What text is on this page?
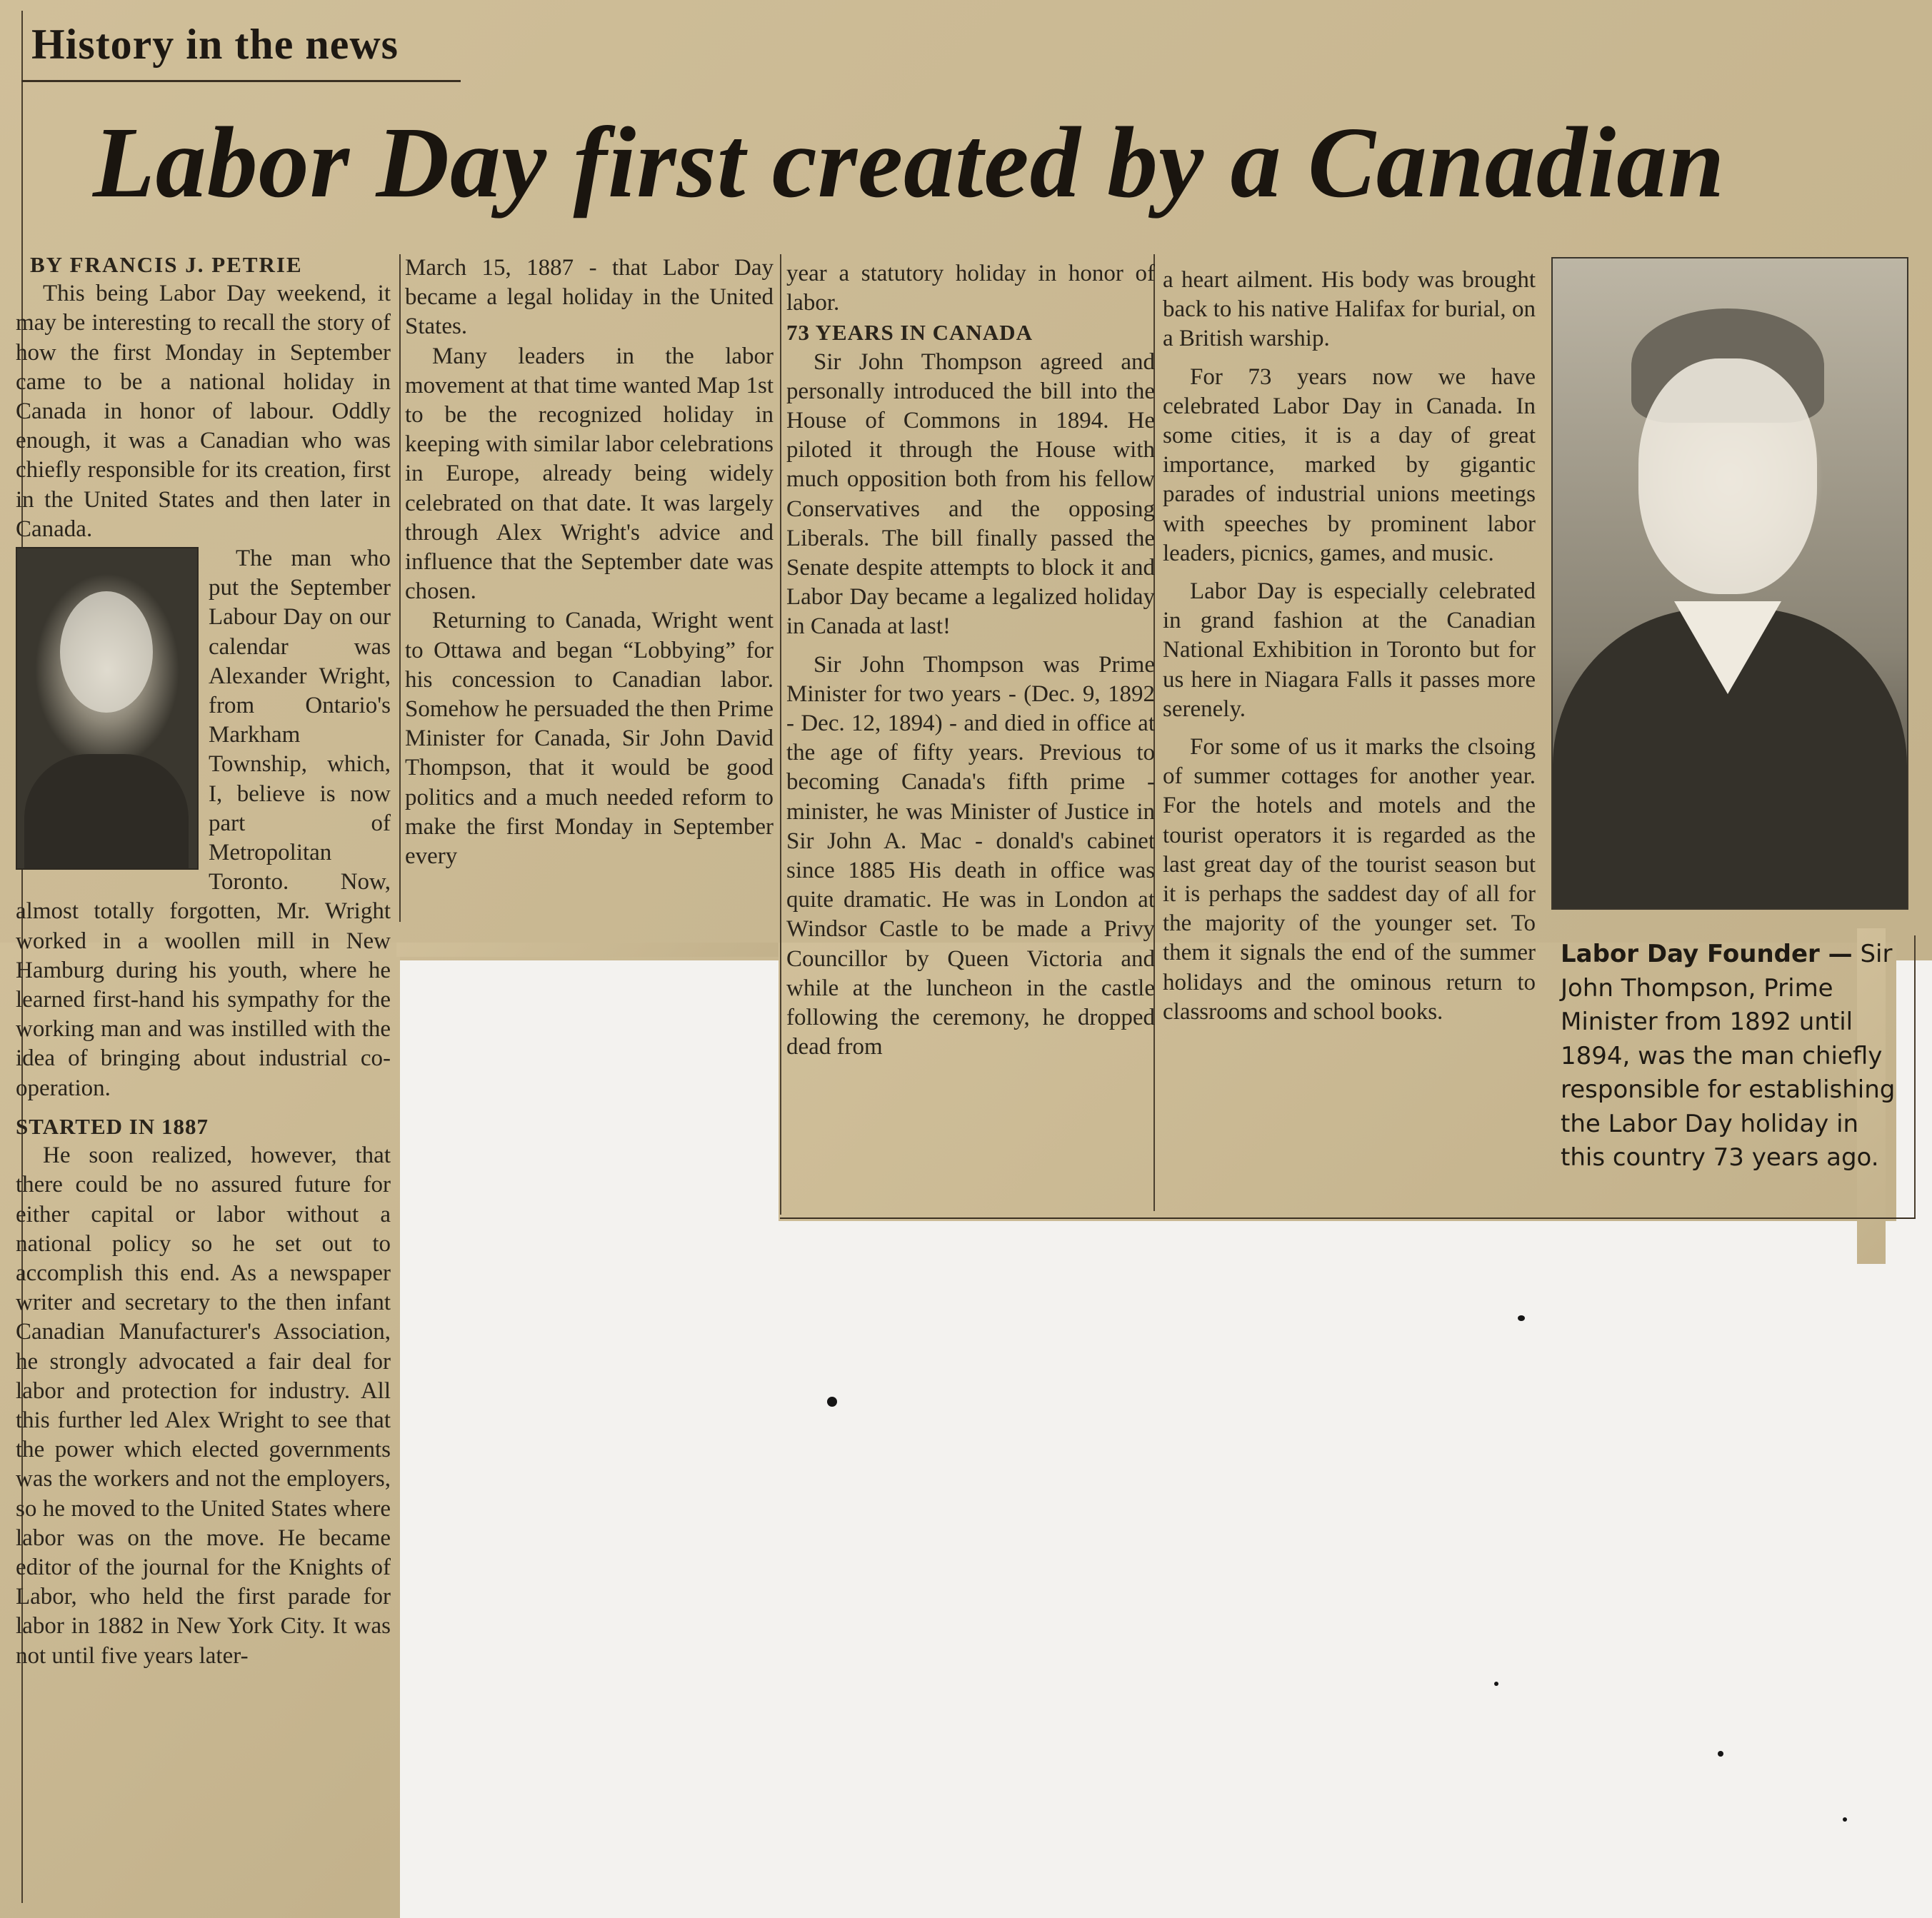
History in the news
Labor Day first created by a Canadian

BY FRANCIS J. PETRIE

This being Labor Day weekend, it may be interesting to recall the story of how the first Monday in September came to be a national holiday in Canada in honor of labour. Oddly enough, it was a Canadian who was chiefly responsible for its creation, first in the United States and then later in Canada.

The man who put the September Labour Day on our calendar was Alexander Wright, from Ontario's Markham Township, which, I, believe is now part of Metropolitan Toronto. Now, almost totally forgotten, Mr. Wright worked in a woollen mill in New Hamburg during his youth, where he learned first-hand his sympathy for the working man and was instilled with the idea of bringing about industrial co-operation.

STARTED IN 1887

He soon realized, however, that there could be no assured future for either capital or labor without a national policy so he set out to accomplish this end. As a newspaper writer and secretary to the then infant Canadian Manufacturer's Association, he strongly advocated a fair deal for labor and protection for industry. All this further led Alex Wright to see that the power which elected governments was the workers and not the employers, so he moved to the United States where labor was on the move. He became editor of the journal for the Knights of Labor, who held the first parade for labor in 1882 in New York City. It was not until five years later-

March 15, 1887 - that Labor Day became a legal holiday in the United States.

Many leaders in the labor movement at that time wanted Map 1st to be the recognized holiday in keeping with similar labor celebrations in Europe, already being widely celebrated on that date. It was largely through Alex Wright's advice and influence that the September date was chosen.

Returning to Canada, Wright went to Ottawa and began “Lobbying” for his concession to Canadian labor. Somehow he persuaded the then Prime Minister for Canada, Sir John David Thompson, that it would be good politics and a much needed reform to make the first Monday in September every

year a statutory holiday in honor of labor.

73 YEARS IN CANADA

Sir John Thompson agreed and personally introduced the bill into the House of Commons in 1894. He piloted it through the House with much opposition both from his fellow Conservatives and the opposing Liberals. The bill finally passed the Senate despite attempts to block it and Labor Day became a legalized holiday in Canada at last!

Sir John Thompson was Prime Minister for two years - (Dec. 9, 1892 - Dec. 12, 1894) - and died in office at the age of fifty years. Previous to becoming Canada's fifth prime - minister, he was Minister of Justice in Sir John A. Mac - donald's cabinet since 1885 His death in office was quite dramatic. He was in London at Windsor Castle to be made a Privy Councillor by Queen Victoria and while at the luncheon in the castle following the ceremony, he dropped dead from

a heart ailment. His body was brought back to his native Halifax for burial, on a British warship.

For 73 years now we have celebrated Labor Day in Canada. In some cities, it is a day of great importance, marked by gigantic parades of industrial unions meetings with speeches by prominent labor leaders, picnics, games, and music.

Labor Day is especially celebrated in grand fashion at the Canadian National Exhibition in Toronto but for us here in Niagara Falls it passes more serenely.

For some of us it marks the clsoing of summer cottages for another year. For the hotels and motels and the tourist operators it is regarded as the last great day of the tourist season but it is perhaps the saddest day of all for the majority of the younger set. To them it signals the end of the summer holidays and the ominous return to classrooms and school books.

Labor Day Founder — Sir John Thompson, Prime Minister from 1892 until 1894, was the man chiefly responsible for establishing the Labor Day holiday in this country 73 years ago.
